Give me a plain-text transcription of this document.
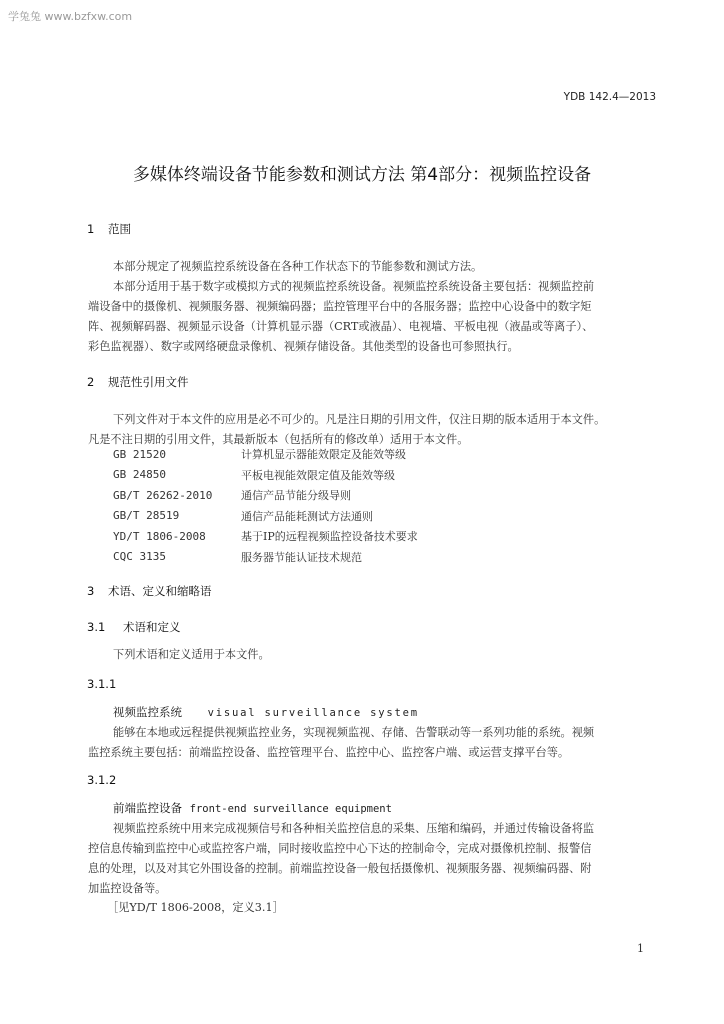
学兔兔 www.bzfxw.com
YDB 142.4—2013
多媒体终端设备节能参数和测试方法 第4部分：视频监控设备
1 范围
本部分规定了视频监控系统设备在各种工作状态下的节能参数和测试方法。
本部分适用于基于数字或模拟方式的视频监控系统设备。视频监控系统设备主要包括：视频监控前
端设备中的摄像机、视频服务器、视频编码器；监控管理平台中的各服务器；监控中心设备中的数字矩
阵、视频解码器、视频显示设备（计算机显示器（CRT或液晶）、电视墙、平板电视（液晶或等离子）、
彩色监视器）、数字或网络硬盘录像机、视频存储设备。其他类型的设备也可参照执行。
2 规范性引用文件
下列文件对于本文件的应用是必不可少的。凡是注日期的引用文件，仅注日期的版本适用于本文件。
凡是不注日期的引用文件，其最新版本（包括所有的修改单）适用于本文件。
GB 21520	计算机显示器能效限定及能效等级
GB 24850	平板电视能效限定值及能效等级
GB/T 26262-2010	通信产品节能分级导则
GB/T 28519	通信产品能耗测试方法通则
YD/T 1806-2008	基于IP的远程视频监控设备技术要求
CQC 3135	服务器节能认证技术规范
3 术语、定义和缩略语
3.1 术语和定义
下列术语和定义适用于本文件。
3.1.1
视频监控系统 visual surveillance system
能够在本地或远程提供视频监控业务，实现视频监视、存储、告警联动等一系列功能的系统。视频
监控系统主要包括：前端监控设备、监控管理平台、监控中心、监控客户端、或运营支撑平台等。
3.1.2
前端监控设备 front-end surveillance equipment
视频监控系统中用来完成视频信号和各种相关监控信息的采集、压缩和编码，并通过传输设备将监
控信息传输到监控中心或监控客户端，同时接收监控中心下达的控制命令，完成对摄像机控制、报警信
息的处理，以及对其它外围设备的控制。前端监控设备一般包括摄像机、视频服务器、视频编码器、附
加监控设备等。
［见YD/T 1806-2008，定义3.1］
1
